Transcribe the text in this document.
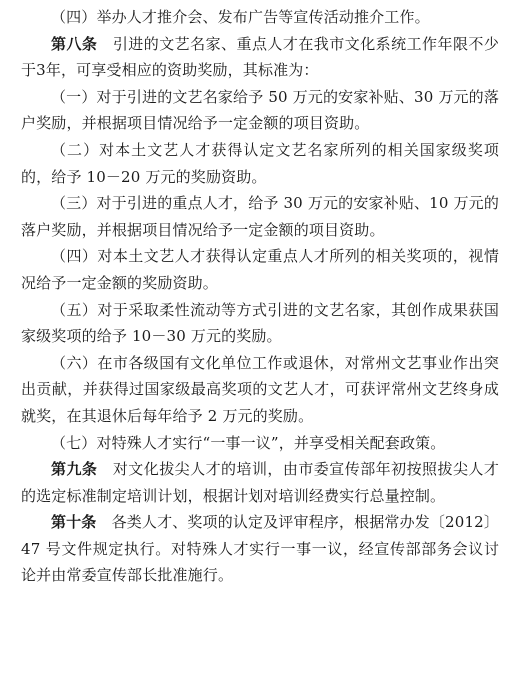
（四）举办人才推介会、发布广告等宣传活动推介工作。

第八条　引进的文艺名家、重点人才在我市文化系统工作年限不少于3年，可享受相应的资助奖励，其标准为：

（一）对于引进的文艺名家给予 50 万元的安家补贴、30 万元的落户奖励，并根据项目情况给予一定金额的项目资助。

（二）对本土文艺人才获得认定文艺名家所列的相关国家级奖项的，给予 10－20 万元的奖励资助。

（三）对于引进的重点人才，给予 30 万元的安家补贴、10 万元的落户奖励，并根据项目情况给予一定金额的项目资助。

（四）对本土文艺人才获得认定重点人才所列的相关奖项的，视情况给予一定金额的奖励资助。

（五）对于采取柔性流动等方式引进的文艺名家，其创作成果获国家级奖项的给予 10－30 万元的奖励。

（六）在市各级国有文化单位工作或退休，对常州文艺事业作出突出贡献，并获得过国家级最高奖项的文艺人才，可获评常州文艺终身成就奖，在其退休后每年给予 2 万元的奖励。

（七）对特殊人才实行“一事一议”，并享受相关配套政策。

第九条　对文化拔尖人才的培训，由市委宣传部年初按照拔尖人才的选定标准制定培训计划，根据计划对培训经费实行总量控制。

第十条　各类人才、奖项的认定及评审程序，根据常办发〔2012〕47 号文件规定执行。对特殊人才实行一事一议，经宣传部部务会议讨论并由常委宣传部长批准施行。
